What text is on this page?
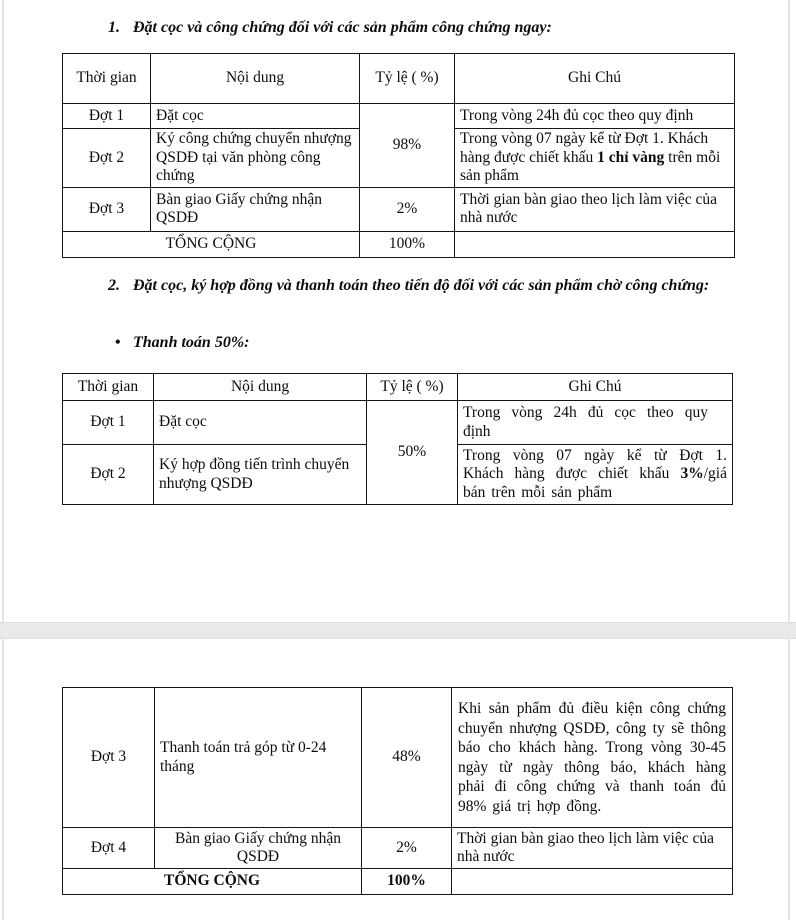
1. Đặt cọc và công chứng đối với các sản phẩm công chứng ngay:
Thời gian	Nội dung	Tỷ lệ ( %)	Ghi Chú
Đợt 1	Đặt cọc	98%	Trong vòng 24h đủ cọc theo quy định
Đợt 2	Ký công chứng chuyển nhượng QSDĐ tại văn phòng công chứng		Trong vòng 07 ngày kể từ Đợt 1. Khách hàng được chiết khấu 1 chỉ vàng trên mỗi sản phẩm
Đợt 3	Bàn giao Giấy chứng nhận QSDĐ	2%	Thời gian bàn giao theo lịch làm việc của nhà nước
TỔNG CỘNG		100%	
2. Đặt cọc, ký hợp đồng và thanh toán theo tiến độ đối với các sản phẩm chờ công chứng:
• Thanh toán 50%:
Thời gian	Nội dung	Tỷ lệ ( %)	Ghi Chú
Đợt 1	Đặt cọc	50%	Trong vòng 24h đủ cọc theo quy định
Đợt 2	Ký hợp đồng tiến trình chuyển nhượng QSDĐ		Trong vòng 07 ngày kể từ Đợt 1. Khách hàng được chiết khấu 3%/giá bán trên mỗi sản phẩm
Đợt 3	Thanh toán trả góp từ 0-24 tháng	48%	Khi sản phẩm đủ điều kiện công chứng chuyển nhượng QSDĐ, công ty sẽ thông báo cho khách hàng. Trong vòng 30-45 ngày từ ngày thông báo, khách hàng phải đi công chứng và thanh toán đủ 98% giá trị hợp đồng.
Đợt 4	Bàn giao Giấy chứng nhận QSDĐ	2%	Thời gian bàn giao theo lịch làm việc của nhà nước
TỔNG CỘNG		100%	
